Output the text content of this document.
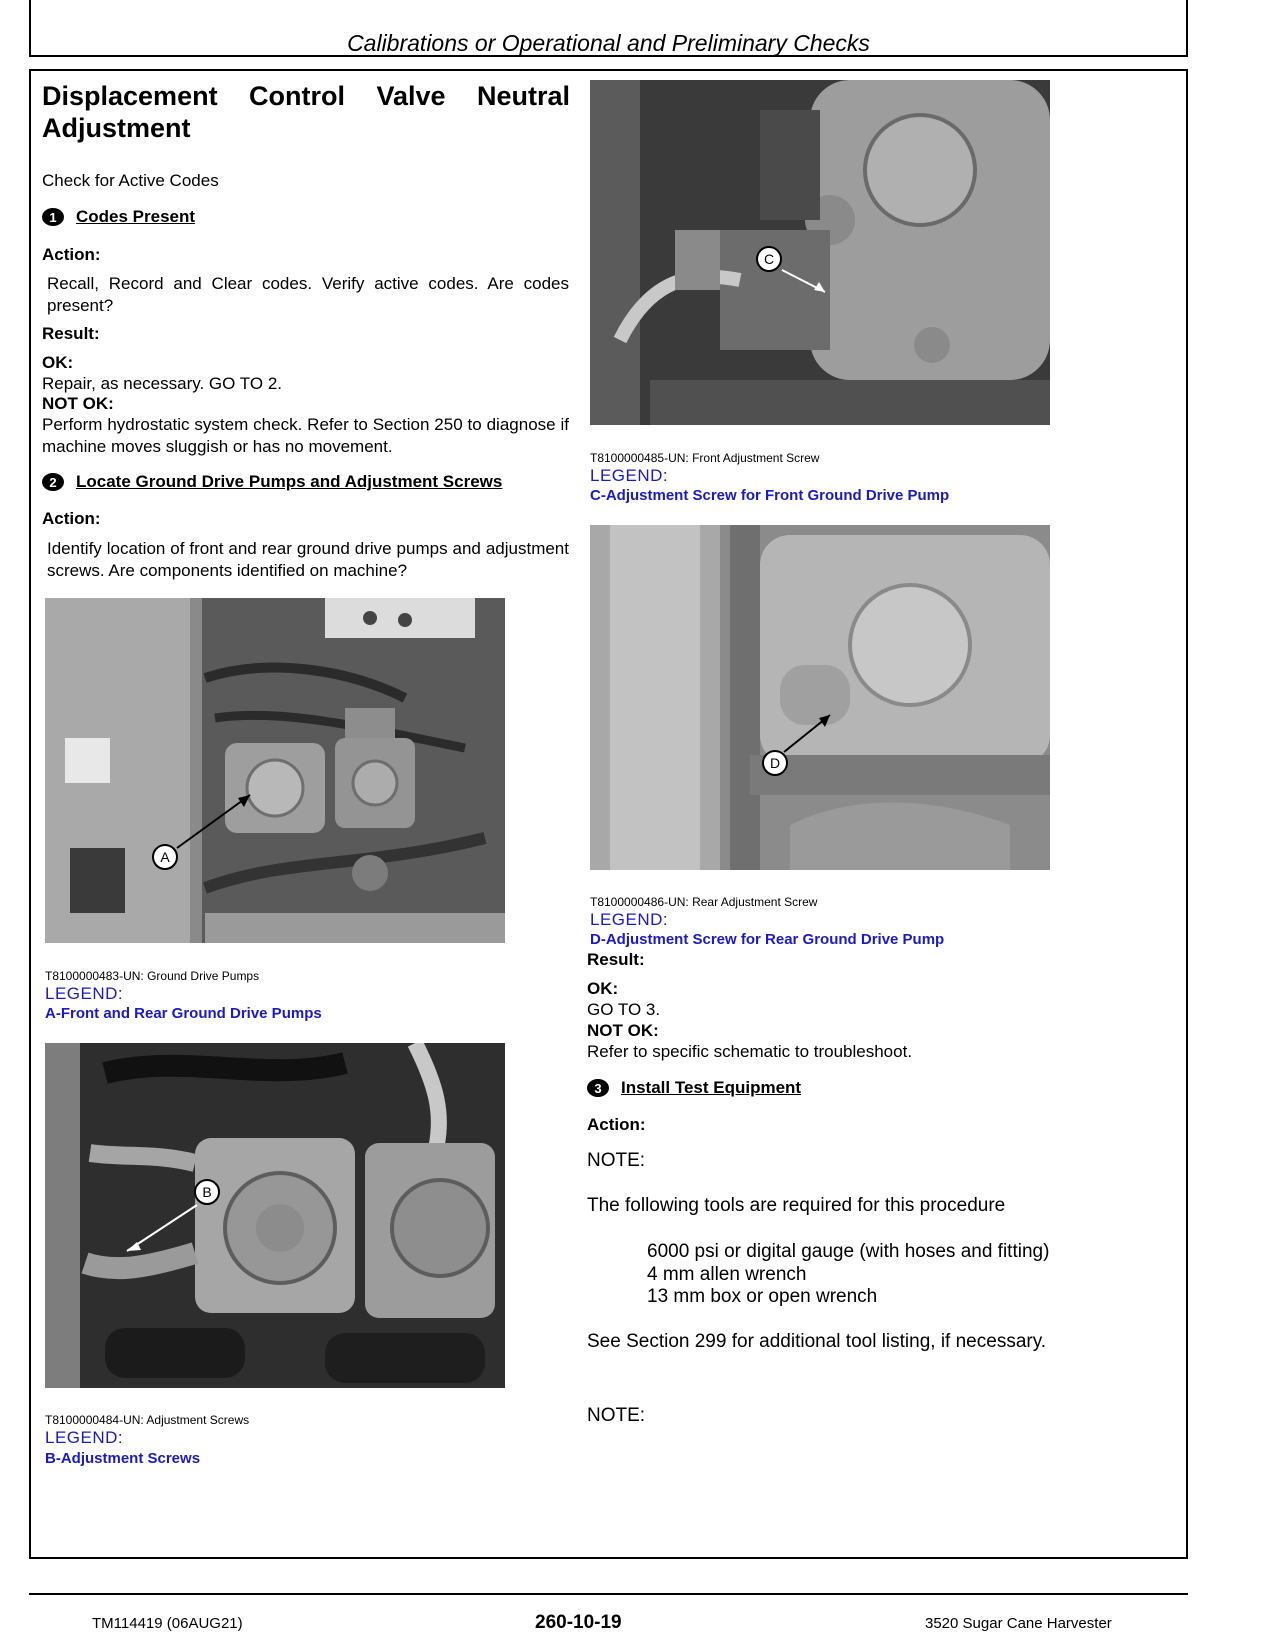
Calibrations or Operational and Preliminary Checks
Displacement Control Valve Neutral Adjustment
Check for Active Codes
1	Codes Present
Action:
Recall, Record and Clear codes. Verify active codes. Are codes present?
Result:
OK:
Repair, as necessary. GO TO 2.
NOT OK:
Perform hydrostatic system check. Refer to Section 250 to diagnose if machine moves sluggish or has no movement.
2	Locate Ground Drive Pumps and Adjustment Screws
Action:
Identify location of front and rear ground drive pumps and adjustment screws. Are components identified on machine?
A
T8100000483-UN: Ground Drive Pumps
LEGEND:
A-Front and Rear Ground Drive Pumps
B
T8100000484-UN: Adjustment Screws
LEGEND:
B-Adjustment Screws
C
T8100000485-UN: Front Adjustment Screw
LEGEND:
C-Adjustment Screw for Front Ground Drive Pump
D
T8100000486-UN: Rear Adjustment Screw
LEGEND:
D-Adjustment Screw for Rear Ground Drive Pump
Result:
OK:
GO TO 3.
NOT OK:
Refer to specific schematic to troubleshoot.
3	Install Test Equipment
Action:
NOTE:
The following tools are required for this procedure
6000 psi or digital gauge (with hoses and fitting)
4 mm allen wrench
13 mm box or open wrench
See Section 299 for additional tool listing, if necessary.
NOTE:
TM114419 (06AUG21)	260-10-19	3520 Sugar Cane Harvester
